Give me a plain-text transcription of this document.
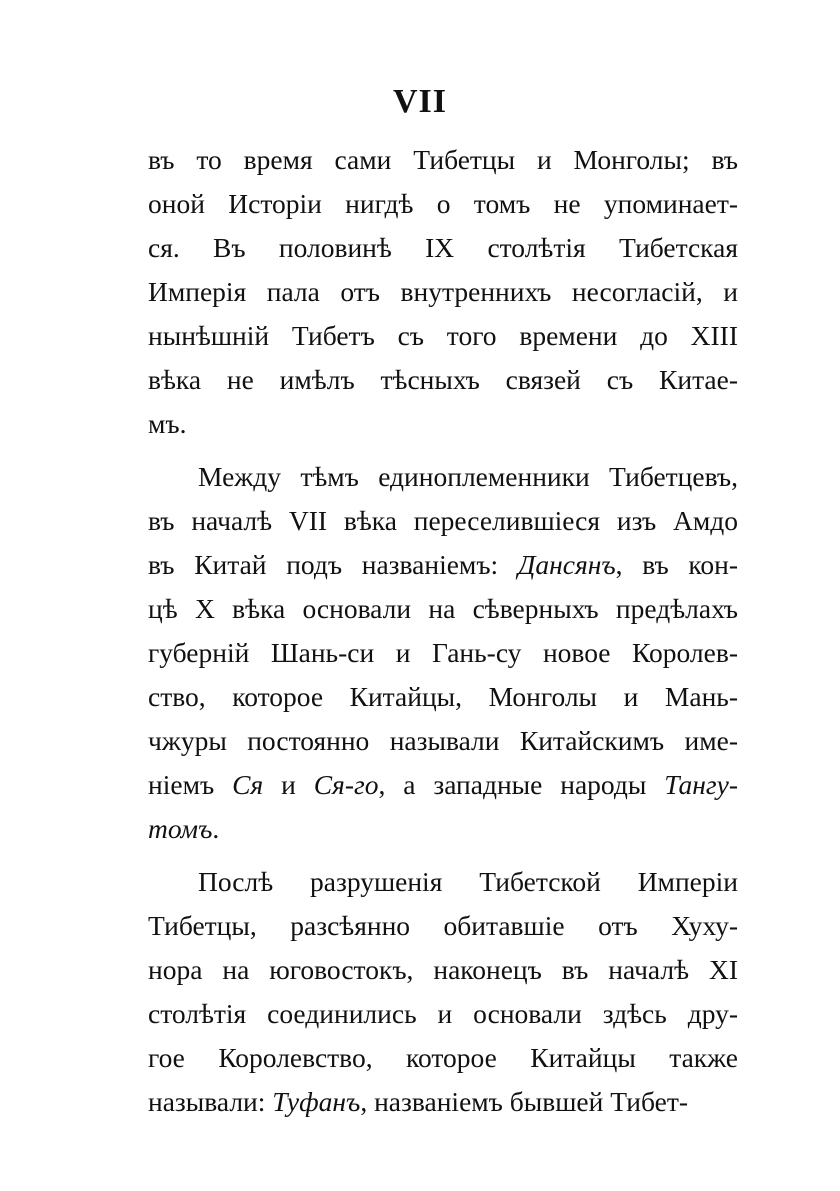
VII
въ то время сами Тибетцы и Монголы; въ
оной Исторіи нигдѣ о томъ не упоминает-
ся. Въ половинѣ IX столѣтія Тибетская
Имперія пала отъ внутреннихъ несогласій, и
нынѣшній Тибетъ съ того времени до XIII
вѣка не имѣлъ тѣсныхъ связей съ Китае-
мъ.
Между тѣмъ единоплеменники Тибетцевъ,
въ началѣ VII вѣка переселившіеся изъ Амдо
въ Китай подъ названіемъ: Дансянъ, въ кон-
цѣ X вѣка основали на сѣверныхъ предѣлахъ
губерній Шань-си и Гань-су новое Королев-
ство, которое Китайцы, Монголы и Мань-
чжуры постоянно называли Китайскимъ име-
ніемъ Ся и Ся-го, а западные народы Тангу-
томъ.
Послѣ разрушенія Тибетской Имперіи
Тибетцы, разсѣянно обитавшіе отъ Хуху-
нора на юговостокъ, наконецъ въ началѣ XI
столѣтія соединились и основали здѣсь дру-
гое Королевство, которое Китайцы также
называли: Туфанъ, названіемъ бывшей Тибет-
